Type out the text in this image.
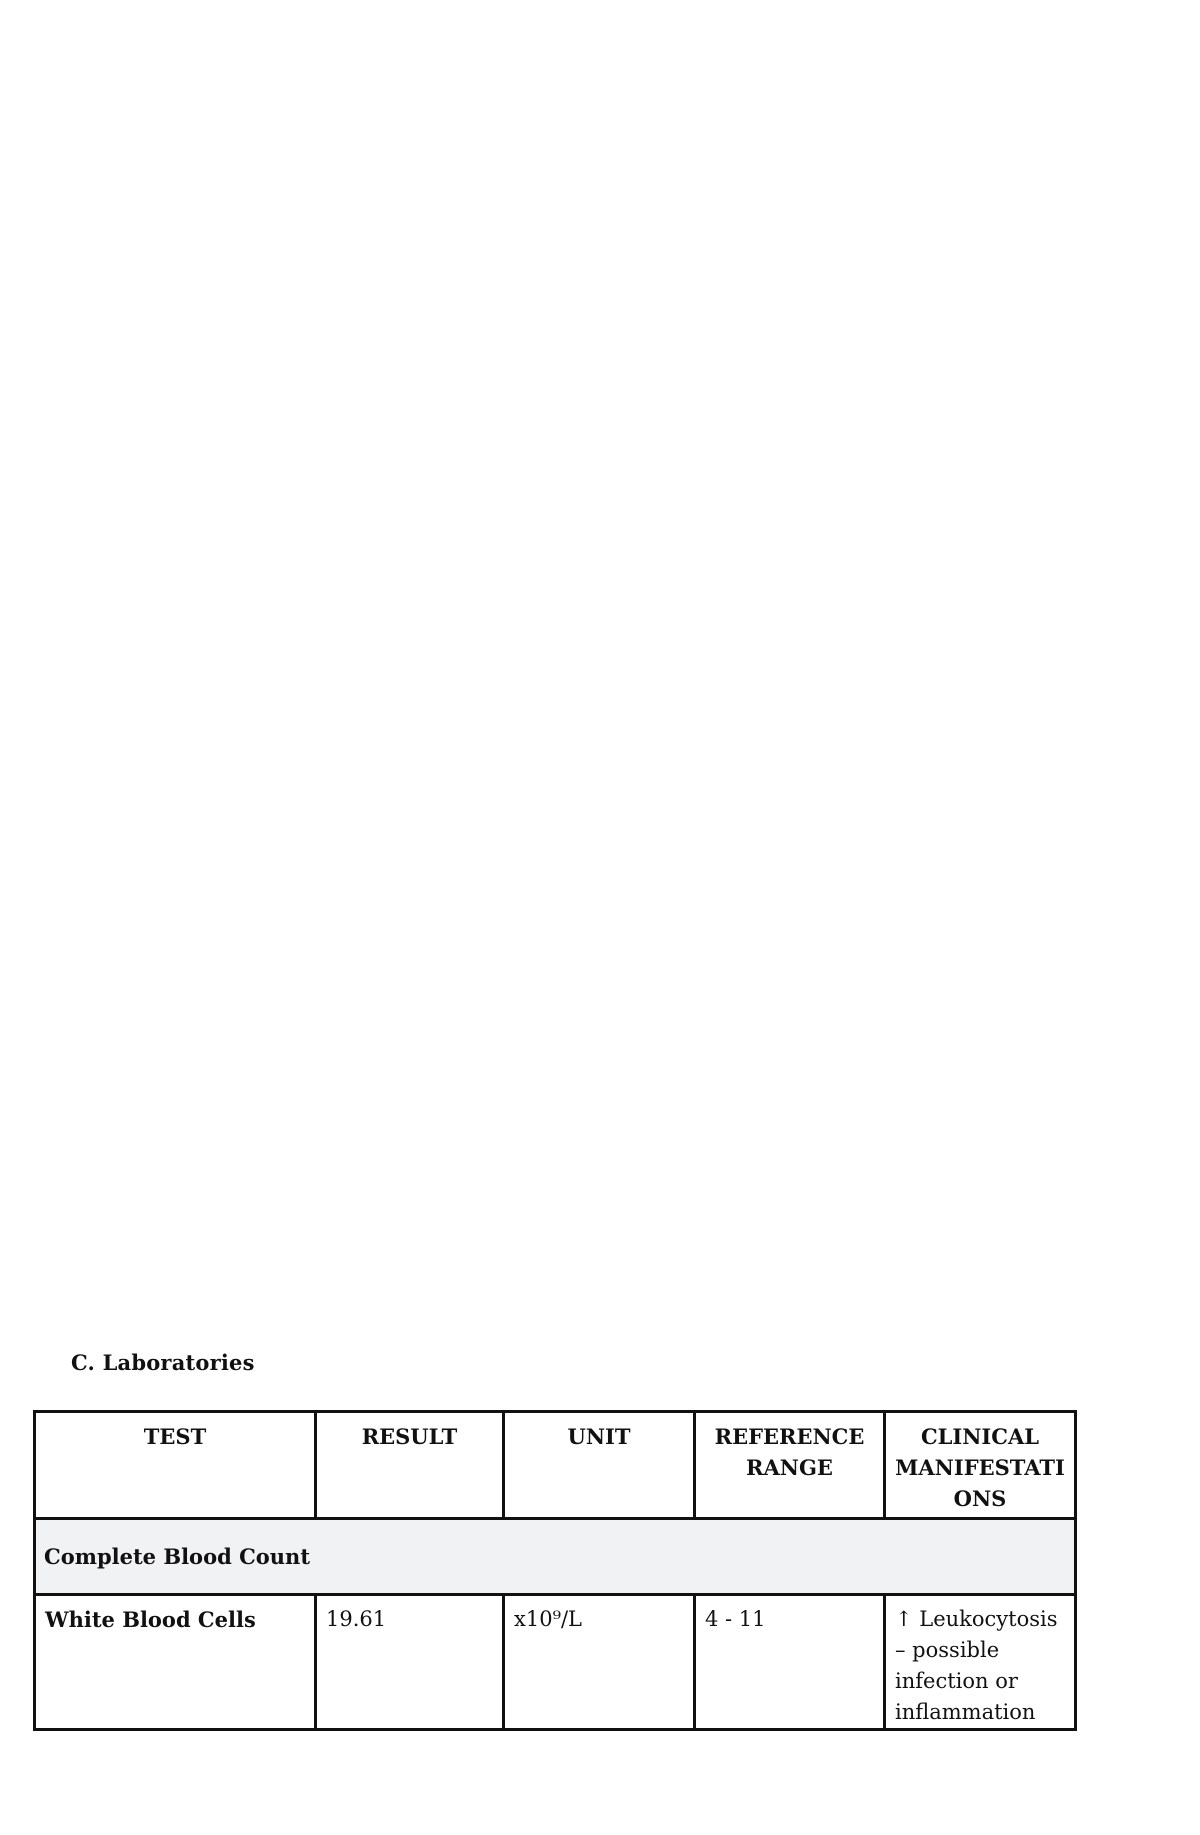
C. Laboratories

TEST	RESULT	UNIT	REFERENCE RANGE	CLINICAL MANIFESTATI ONS
Complete Blood Count				
White Blood Cells	19.61	x10⁹/L	4 - 11	↑ Leukocytosis – possible infection or inflammation
